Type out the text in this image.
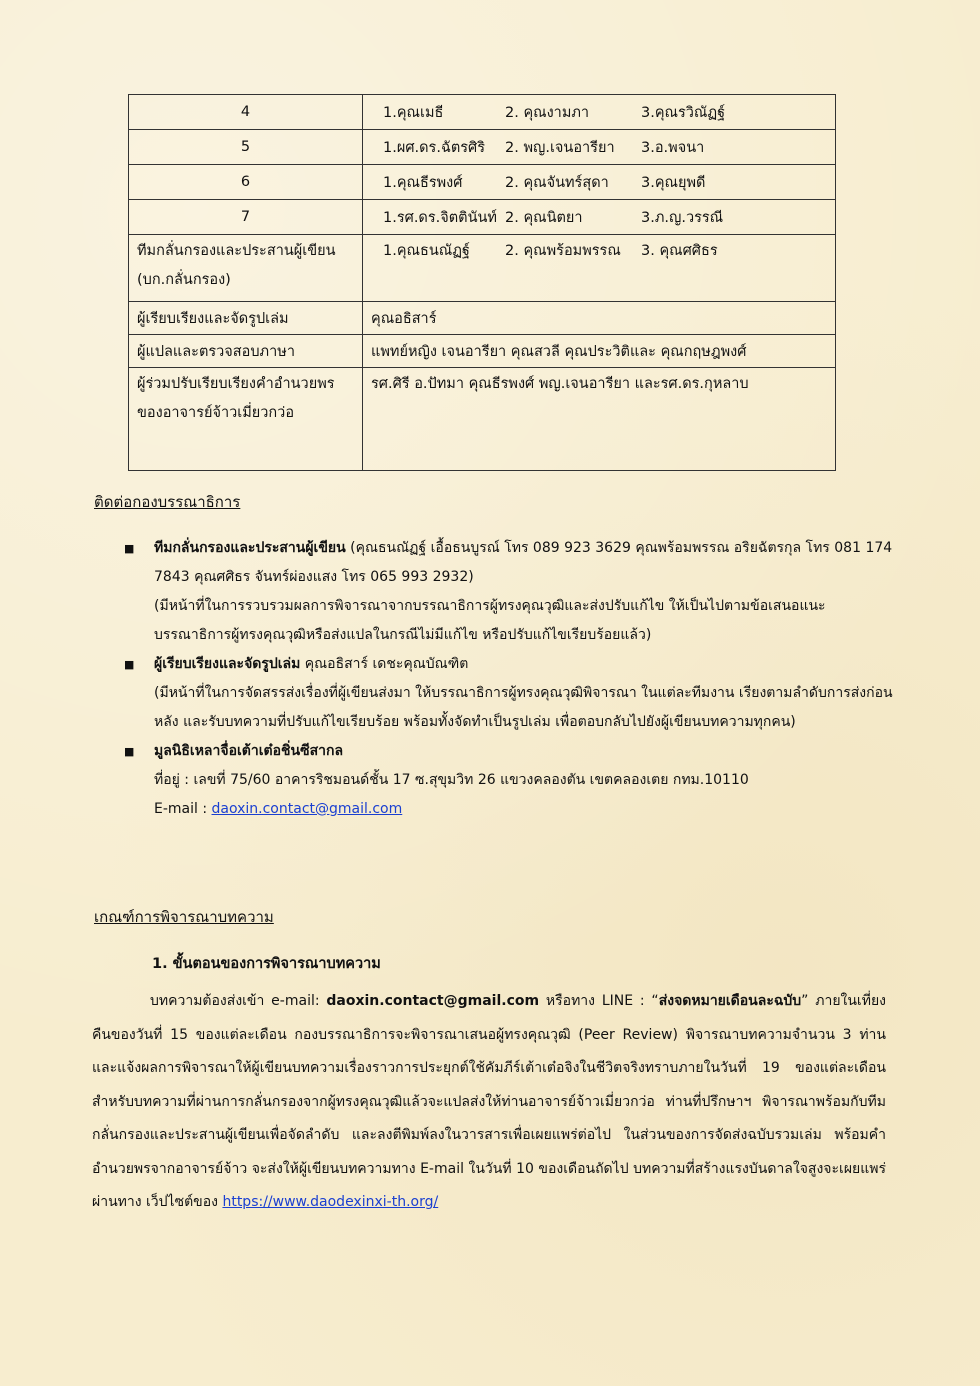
4	1.คุณเมธี 2. คุณงามภา 3.คุณรวิณัฏฐ์

5	1.ผศ.ดร.ฉัตรศิริ 2. พญ.เจนอารียา 3.อ.พจนา

6	1.คุณธีรพงศ์ 2. คุณจันทร์สุดา 3.คุณยุพดี

7	1.รศ.ดร.จิตตินันท์ 2. คุณนิตยา 3.ภ.ญ.วรรณี

ทีมกลั่นกรองและประสานผู้เขียน (บก.กลั่นกรอง)	1.คุณธนณัฏฐ์ 2. คุณพร้อมพรรณ 3. คุณศศิธร

ผู้เรียบเรียงและจัดรูปเล่ม	คุณอธิสาร์
ผู้แปลและตรวจสอบภาษา	แพทย์หญิง เจนอารียา คุณสวลี คุณประวิติและ คุณกฤษฎพงศ์
ผู้ร่วมปรับเรียบเรียงคำอำนวยพรของอาจารย์จ้าวเมี่ยวกว่อ	รศ.ศิรี อ.ปัทมา คุณธีรพงศ์ พญ.เจนอารียา และรศ.ดร.กุหลาบ
ติดต่อกองบรรณาธิการ
■	ทีมกลั่นกรองและประสานผู้เขียน (คุณธนณัฏฐ์ เอื้อธนบูรณ์ โทร 089 923 3629 คุณพร้อมพรรณ อริยฉัตรกุล โทร 081 174 7843 คุณศศิธร จันทร์ผ่องแสง โทร 065 993 2932)
(มีหน้าที่ในการรวบรวมผลการพิจารณาจากบรรณาธิการผู้ทรงคุณวุฒิและส่งปรับแก้ไข ให้เป็นไปตามข้อเสนอแนะบรรณาธิการผู้ทรงคุณวุฒิหรือส่งแปลในกรณีไม่มีแก้ไข หรือปรับแก้ไขเรียบร้อยแล้ว)
■	ผู้เรียบเรียงและจัดรูปเล่ม คุณอธิสาร์ เดชะคุณบัณฑิต
(มีหน้าที่ในการจัดสรรส่งเรื่องที่ผู้เขียนส่งมา ให้บรรณาธิการผู้ทรงคุณวุฒิพิจารณา ในแต่ละทีมงาน เรียงตามลำดับการส่งก่อนหลัง และรับบทความที่ปรับแก้ไขเรียบร้อย พร้อมทั้งจัดทำเป็นรูปเล่ม เพื่อตอบกลับไปยังผู้เขียนบทความทุกคน)
■	มูลนิธิเหลาจื่อเต้าเต๋อชิ่นซีสากล
ที่อยู่ : เลขที่ 75/60 อาคารริชมอนด์ชั้น 17 ซ.สุขุมวิท 26 แขวงคลองตัน เขตคลองเตย กทม.10110
E-mail : daoxin.contact@gmail.com
เกณฑ์การพิจารณาบทความ
1. ขั้นตอนของการพิจารณาบทความ
บทความต้องส่งเข้า e-mail: daoxin.contact@gmail.com หรือทาง LINE : “ส่งจดหมายเดือนละฉบับ” ภายในเที่ยงคืนของวันที่ 15 ของแต่ละเดือน กองบรรณาธิการจะพิจารณาเสนอผู้ทรงคุณวุฒิ (Peer Review) พิจารณาบทความจำนวน 3 ท่าน และแจ้งผลการพิจารณาให้ผู้เขียนบทความเรื่องราวการประยุกต์ใช้คัมภีร์เต้าเต๋อจิงในชีวิตจริงทราบภายในวันที่ 19 ของแต่ละเดือน สำหรับบทความที่ผ่านการกลั่นกรองจากผู้ทรงคุณวุฒิแล้วจะแปลส่งให้ท่านอาจารย์จ้าวเมี่ยวกว่อ ท่านที่ปรึกษาฯ พิจารณาพร้อมกับทีมกลั่นกรองและประสานผู้เขียนเพื่อจัดลำดับ และลงตีพิมพ์ลงในวารสารเพื่อเผยแพร่ต่อไป ในส่วนของการจัดส่งฉบับรวมเล่ม พร้อมคำอำนวยพรจากอาจารย์จ้าว จะส่งให้ผู้เขียนบทความทาง E-mail ในวันที่ 10 ของเดือนถัดไป บทความที่สร้างแรงบันดาลใจสูงจะเผยแพร่ผ่านทาง เว็ปไซต์ของ https://www.daodexinxi-th.org/
